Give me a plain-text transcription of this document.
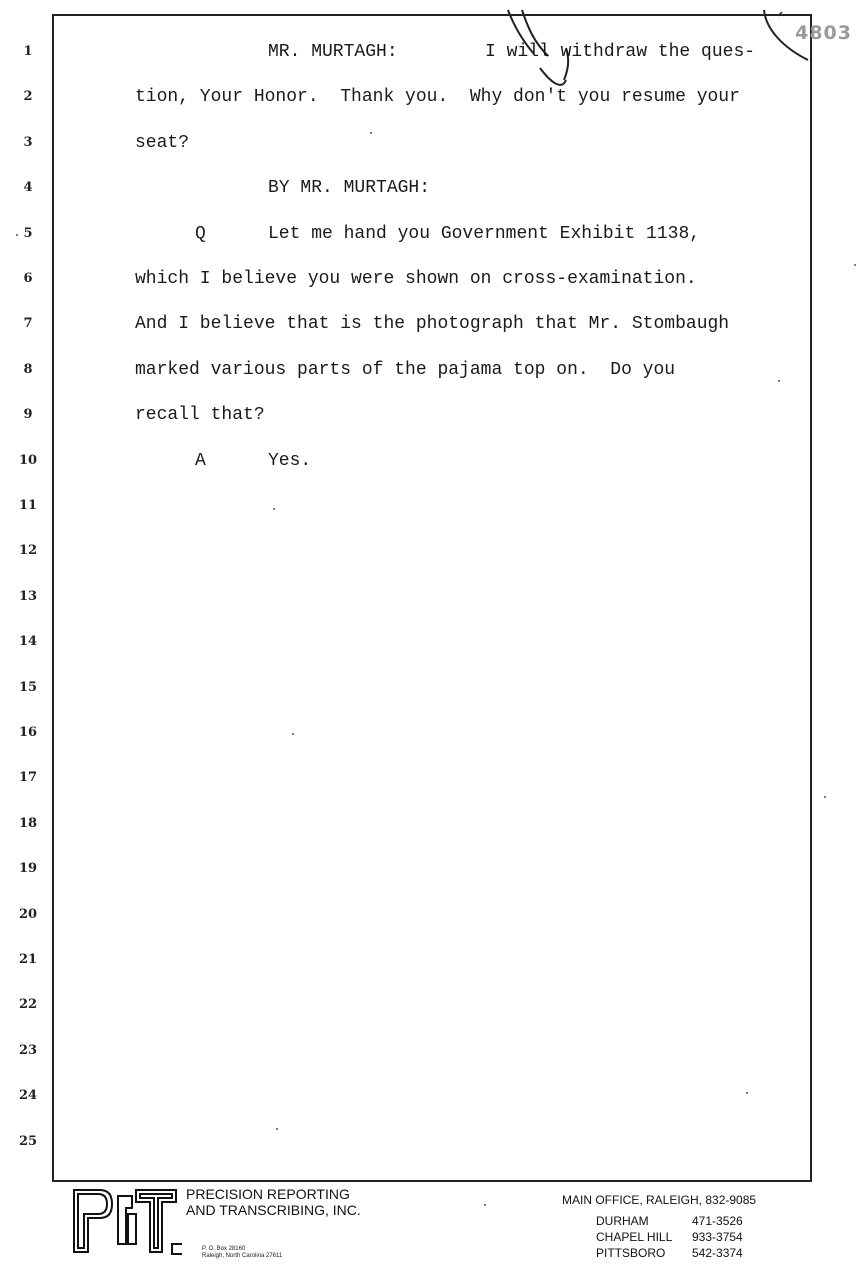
4803
1
2
3
4
5
6
7
8
9
10
11
12
13
14
15
16
17
18
19
20
21
22
23
24
25
MR. MURTAGH:	I will withdraw the ques-
tion, Your Honor.  Thank you.  Why don't you resume your
seat?
BY MR. MURTAGH:
Q	Let me hand you Government Exhibit 1138,
which I believe you were shown on cross-examination.
And I believe that is the photograph that Mr. Stombaugh
marked various parts of the pajama top on.  Do you
recall that?
A	Yes.
PRECISION REPORTING
AND TRANSCRIBING, INC.
P. O. Box 28160
Raleigh, North Carolina 27611
MAIN OFFICE, RALEIGH, 832-9085
DURHAM	471-3526
CHAPEL HILL 933-3754
PITTSBORO 542-3374
